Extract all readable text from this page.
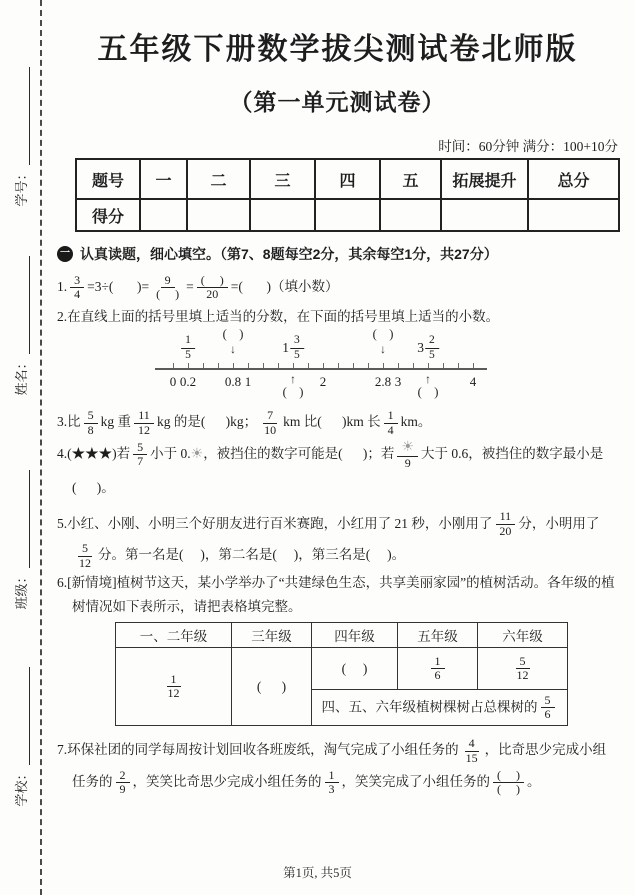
学号：
姓名：
班级：
学校：
五年级下册数学拔尖测试卷北师版
（第一单元测试卷）
时间：60分钟 满分：100+10分
题号	一	二	三	四	五	拓展提升	总分
得分							
一 认真读题，细心填空。（第7、8题每空2分，其余每空1分，共27分）

1. $\frac{3}{4} =3\div$(       )= $\frac{9}{( )} = \frac{( )}{20}$ =(       )（填小数）

2.在直线上面的括号里填上适当的分数，在下面的括号里填上适当的小数。

0 0.2 0.8 1	2	2.8 3	4
$\frac{1}{5}$ (    )
↓	$1 \frac{3}{5}$	(    )
↓	$3 \frac{2}{5}$
↑
(    )
↑
(    )

3.比 $\frac{5}{8}$ kg 重 $\frac{11}{12}$ kg 的是(      )kg； $\frac{7}{10}$ km 比(      )km 长 $\frac{1}{4}$ km。

4.(★★★)若 $\frac{5}{7}$ 小于 0.☀，被挡住的数字可能是(      )；若 $\frac{☀}{9}$ 大于 0.6，被挡住的数字最小是(      )。

5.小红、小刚、小明三个好朋友进行百米赛跑，小红用了 21 秒，小刚用了 $\frac{11}{20}$ 分，小明用了
$\frac{5}{12}$ 分。第一名是(     )，第二名是(     )，第三名是(     )。

6.[新情境]植树节这天，某小学举办了“共建绿色生态，共享美丽家园”的植树活动。各年级的植树情况如下表所示，请把表格填完整。

一、二年级	三年级	四年级	五年级	六年级

$\frac{1}{12}$	(      )	(     )	$\frac{1}{6}$	$\frac{5}{12}$

		四、五、六年级植树棵树占总棵树的 $\frac{5}{6}$

7.环保社团的同学每周按计划回收各班废纸，淘气完成了小组任务的 $\frac{4}{15}$ ，比奇思少完成小组任务的 $\frac{2}{9}$ ，笑笑比奇思少完成小组任务的 $\frac{1}{3}$ ，笑笑完成了小组任务的 $\frac{( )}{( )}$ 。

第1页, 共5页
